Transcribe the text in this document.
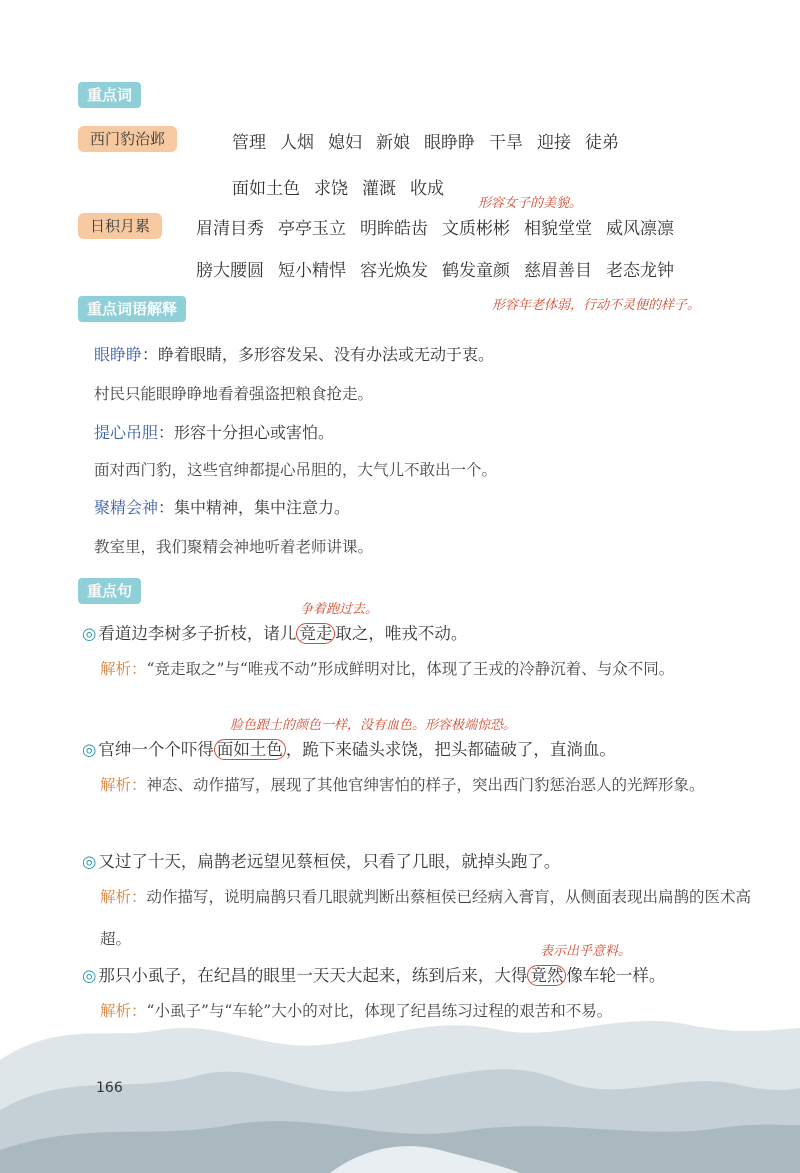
重点词
西门豹治邺	管理 人烟 媳妇 新娘 眼睁睁 干旱 迎接 徒弟
面如土色 求饶 灌溉 收成
形容女子的美貌。
日积月累	眉清目秀 亭亭玉立 明眸皓齿 文质彬彬 相貌堂堂 威风凛凛
膀大腰圆 短小精悍 容光焕发 鹤发童颜 慈眉善目 老态龙钟
形容年老体弱，行动不灵便的样子。
重点词语解释
眼睁睁：睁着眼睛，多形容发呆、没有办法或无动于衷。
村民只能眼睁睁地看着强盗把粮食抢走。
提心吊胆：形容十分担心或害怕。
面对西门豹，这些官绅都提心吊胆的，大气儿不敢出一个。
聚精会神：集中精神，集中注意力。
教室里，我们聚精会神地听着老师讲课。
重点句
争着跑过去。
◎ 看道边李树多子折枝，诸儿 竞走 取之，唯戎不动。
解析：“竞走取之”与“唯戎不动”形成鲜明对比，体现了王戎的冷静沉着、与众不同。
脸色跟土的颜色一样，没有血色。形容极端惊恐。
◎ 官绅一个个吓得 面如土色 ，跪下来磕头求饶，把头都磕破了，直淌血。
解析：神态、动作描写，展现了其他官绅害怕的样子，突出西门豹惩治恶人的光辉形象。
◎ 又过了十天，扁鹊老远望见蔡桓侯，只看了几眼，就掉头跑了。
解析：动作描写，说明扁鹊只看几眼就判断出蔡桓侯已经病入膏肓，从侧面表现出扁鹊的医术高超。
表示出乎意料。
◎ 那只小虱子，在纪昌的眼里一天天大起来，练到后来，大得 竟然 像车轮一样。
解析：“小虱子”与“车轮”大小的对比，体现了纪昌练习过程的艰苦和不易。
166
